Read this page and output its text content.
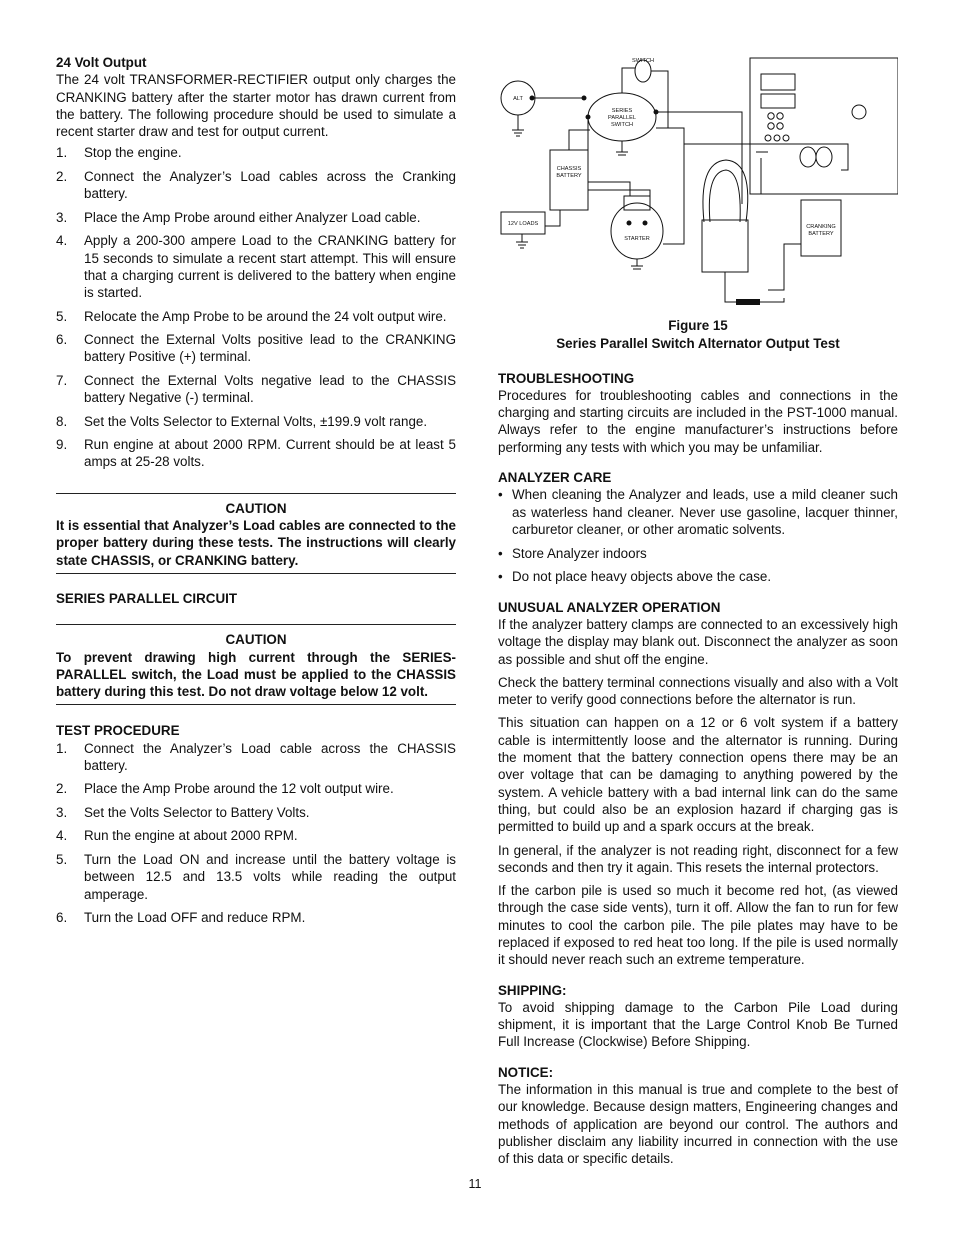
24 Volt Output

The 24 volt TRANSFORMER-RECTIFIER output only charges the CRANKING battery after the starter motor has drawn current from the battery. The following procedure should be used to simulate a recent starter draw and test for output current.

1.	Stop the engine.
2.	Connect the Analyzer’s Load cables across the Cranking battery.
3.	Place the Amp Probe around either Analyzer Load cable.
4.	Apply a 200-300 ampere Load to the CRANKING battery for 15 seconds to simulate a recent start attempt. This will ensure that a charging current is delivered to the battery when engine is started.
5.	Relocate the Amp Probe to be around the 24 volt output wire.
6.	Connect the External Volts positive lead to the CRANKING battery Positive (+) terminal.
7.	Connect the External Volts negative lead to the CHASSIS battery Negative (-) terminal.
8.	Set the Volts Selector to External Volts, ±199.9 volt range.
9.	Run engine at about 2000 RPM. Current should be at least 5 amps at 25-28 volts.
CAUTION
It is essential that Analyzer’s Load cables are connected to the proper battery during these tests. The instructions will clearly state CHASSIS, or CRANKING battery.
SERIES PARALLEL CIRCUIT
CAUTION
To prevent drawing high current through the SERIES-PARALLEL switch, the Load must be applied to the CHASSIS battery during this test. Do not draw voltage below 12 volt.
TEST PROCEDURE
1.	Connect the Analyzer’s Load cable across the CHASSIS battery.
2.	Place the Amp Probe around the 12 volt output wire.
3.	Set the Volts Selector to Battery Volts.
4.	Run the engine at about 2000 RPM.
5.	Turn the Load ON and increase until the battery voltage is between 12.5 and 13.5 volts while reading the output amperage.
6.	Turn the Load OFF and reduce RPM.
SWITCH
ALT
SERIES
PARALLEL
SWITCH
CHASSIS
BATTERY
12V LOADS
STARTER
CRANKING
BATTERY
Figure 15
Series Parallel Switch Alternator Output Test
TROUBLESHOOTING

Procedures for troubleshooting cables and connections in the charging and starting circuits are included in the PST-1000 manual. Always refer to the engine manufacturer’s instructions before performing any tests with which you may be unfamiliar.

ANALYZER CARE
• When cleaning the Analyzer and leads, use a mild cleaner such as waterless hand cleaner. Never use gasoline, lacquer thinner, carburetor cleaner, or other aromatic solvents.
• Store Analyzer indoors
• Do not place heavy objects above the case.
UNUSUAL ANALYZER OPERATION

If the analyzer battery clamps are connected to an excessively high voltage the display may blank out. Disconnect the analyzer as soon as possible and shut off the engine.

Check the battery terminal connections visually and also with a Volt meter to verify good connections before the alternator is run.

This situation can happen on a 12 or 6 volt system if a battery cable is intermittently loose and the alternator is running. During the moment that the battery connection opens there may be an over voltage that can be damaging to anything powered by the system. A vehicle battery with a bad internal link can do the same thing, but could also be an explosion hazard if charging gas is permitted to build up and a spark occurs at the break.

In general, if the analyzer is not reading right, disconnect for a few seconds and then try it again. This resets the internal protectors.

If the carbon pile is used so much it become red hot, (as viewed through the case side vents), turn it off. Allow the fan to run for few minutes to cool the carbon pile. The pile plates may have to be replaced if exposed to red heat too long. If the pile is used normally it should never reach such an extreme temperature.

SHIPPING:

To avoid shipping damage to the Carbon Pile Load during shipment, it is important that the Large Control Knob Be Turned Full Increase (Clockwise) Before Shipping.

NOTICE:

The information in this manual is true and complete to the best of our knowledge. Because design matters, Engineering changes and methods of application are beyond our control. The authors and publisher disclaim any liability incurred in connection with the use of this data or specific details.

11
